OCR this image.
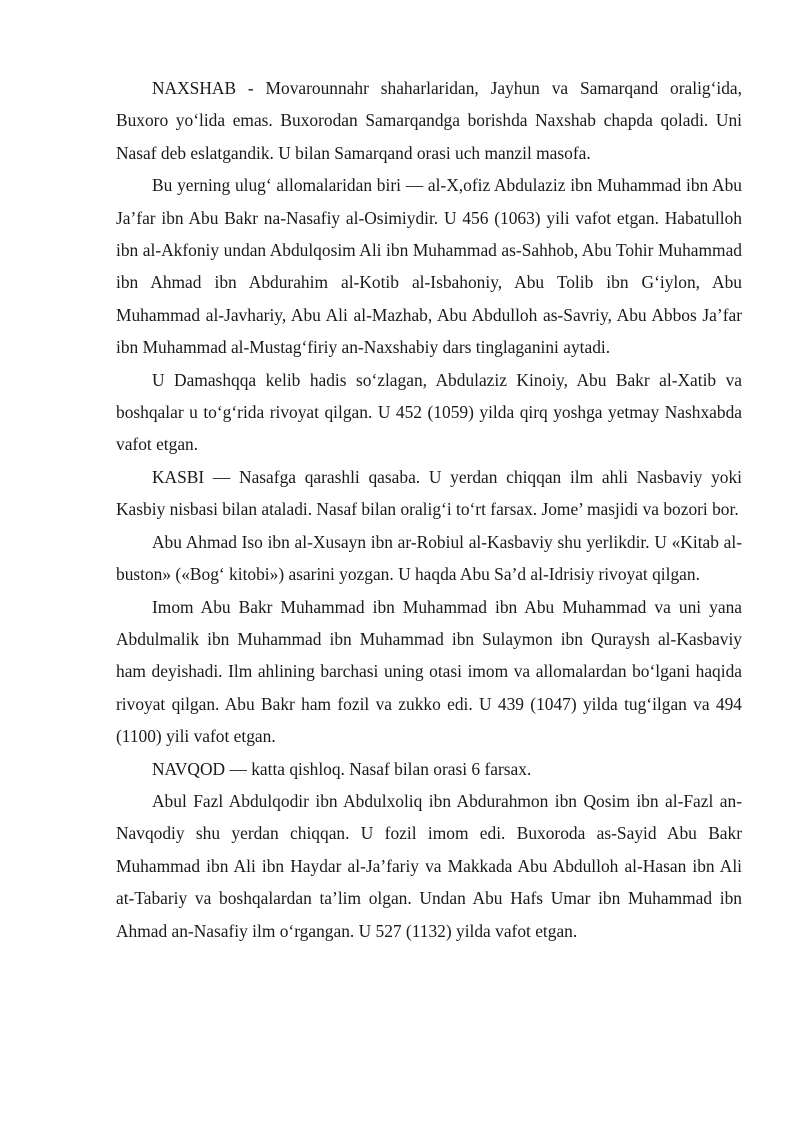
NAXSHAB - Movarounnahr shaharlaridan, Jayhun va Samarqand oralig‘ida, Buxoro yo‘lida emas. Buxorodan Samarqandga borishda Naxshab chapda qoladi. Uni Nasaf deb eslatgandik. U bilan Samarqand orasi uch manzil masofa.

Bu yerning ulug‘ allomalaridan biri — al-X,ofiz Abdulaziz ibn Muhammad ibn Abu Ja’far ibn Abu Bakr na-Nasafiy al-Osimiydir. U 456 (1063) yili vafot etgan. Habatulloh ibn al-Akfoniy undan Abdulqosim Ali ibn Muhammad as-Sahhob, Abu Tohir Muhammad ibn Ahmad ibn Abdurahim al-Kotib al-Isbahoniy, Abu Tolib ibn G‘iylon, Abu Muhammad al-Javhariy, Abu Ali al-Mazhab, Abu Abdulloh as-Savriy, Abu Abbos Ja’far ibn Muhammad al-Mustag‘firiy an-Naxshabiy dars tinglaganini aytadi.

U Damashqqa kelib hadis so‘zlagan, Abdulaziz Kinoiy, Abu Bakr al-Xatib va boshqalar u to‘g‘rida rivoyat qilgan. U 452 (1059) yilda qirq yoshga yetmay Nashxabda vafot etgan.

KASBI — Nasafga qarashli qasaba. U yerdan chiqqan ilm ahli Nasbaviy yoki Kasbiy nisbasi bilan ataladi. Nasaf bilan oralig‘i to‘rt farsax. Jome’ masjidi va bozori bor.

Abu Ahmad Iso ibn al-Xusayn ibn ar-Robiul al-Kasbaviy shu yerlikdir. U «Kitab al-buston» («Bog‘ kitobi») asarini yozgan. U haqda Abu Sa’d al-Idrisiy rivoyat qilgan.

Imom Abu Bakr Muhammad ibn Muhammad ibn Abu Muhammad va uni yana Abdulmalik ibn Muhammad ibn Muhammad ibn Sulaymon ibn Quraysh al-Kasbaviy ham deyishadi. Ilm ahlining barchasi uning otasi imom va allomalardan bo‘lgani haqida rivoyat qilgan. Abu Bakr ham fozil va zukko edi. U 439 (1047) yilda tug‘ilgan va 494 (1100) yili vafot etgan.

NAVQOD — katta qishloq. Nasaf bilan orasi 6 farsax.

Abul Fazl Abdulqodir ibn Abdulxoliq ibn Abdurahmon ibn Qosim ibn al-Fazl an-Navqodiy shu yerdan chiqqan. U fozil imom edi. Buxoroda as-Sayid Abu Bakr Muhammad ibn Ali ibn Haydar al-Ja’fariy va Makkada Abu Abdulloh al-Hasan ibn Ali at-Tabariy va boshqalardan ta’lim olgan. Undan Abu Hafs Umar ibn Muhammad ibn Ahmad an-Nasafiy ilm o‘rgangan. U 527 (1132) yilda vafot etgan.
